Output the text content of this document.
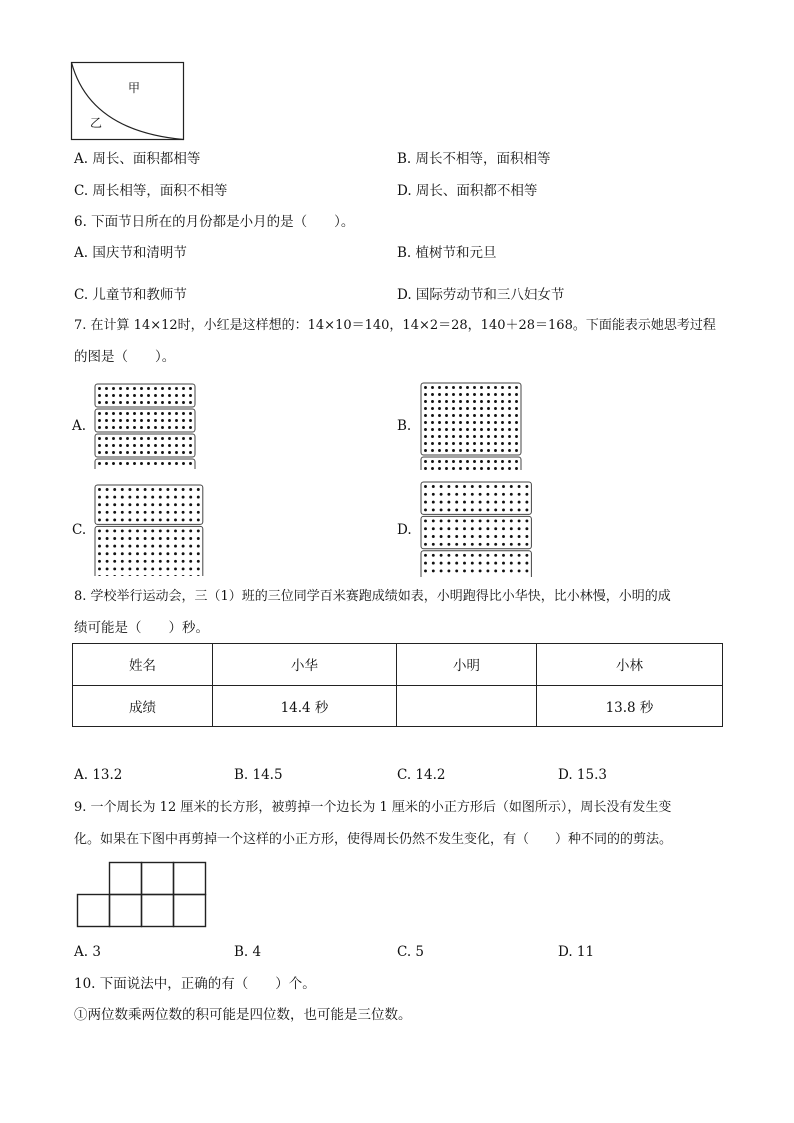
甲
乙
A. 周长、面积都相等	B. 周长不相等，面积相等
C. 周长相等，面积不相等	D. 周长、面积都不相等
6. 下面节日所在的月份都是小月的是（　　）。
A. 国庆节和清明节	B. 植树节和元旦
C. 儿童节和教师节	D. 国际劳动节和三八妇女节
7. 在计算 14×12时，小红是这样想的：14×10＝140，14×2＝28，140＋28＝168。下面能表示她思考过程
的图是（　　）。
A.	B.
C.	D.
8. 学校举行运动会，三（1）班的三位同学百米赛跑成绩如表，小明跑得比小华快，比小林慢，小明的成
绩可能是（　　）秒。
姓名	小华	小明	小林
成绩	14.4 秒		13.8 秒
A. 13.2	B. 14.5	C. 14.2	D. 15.3
9. 一个周长为 12 厘米的长方形，被剪掉一个边长为 1 厘米的小正方形后（如图所示），周长没有发生变
化。如果在下图中再剪掉一个这样的小正方形，使得周长仍然不发生变化，有（　　）种不同的的剪法。
A. 3	B. 4	C. 5	D. 11
10. 下面说法中，正确的有（　　）个。
①两位数乘两位数的积可能是四位数，也可能是三位数。
